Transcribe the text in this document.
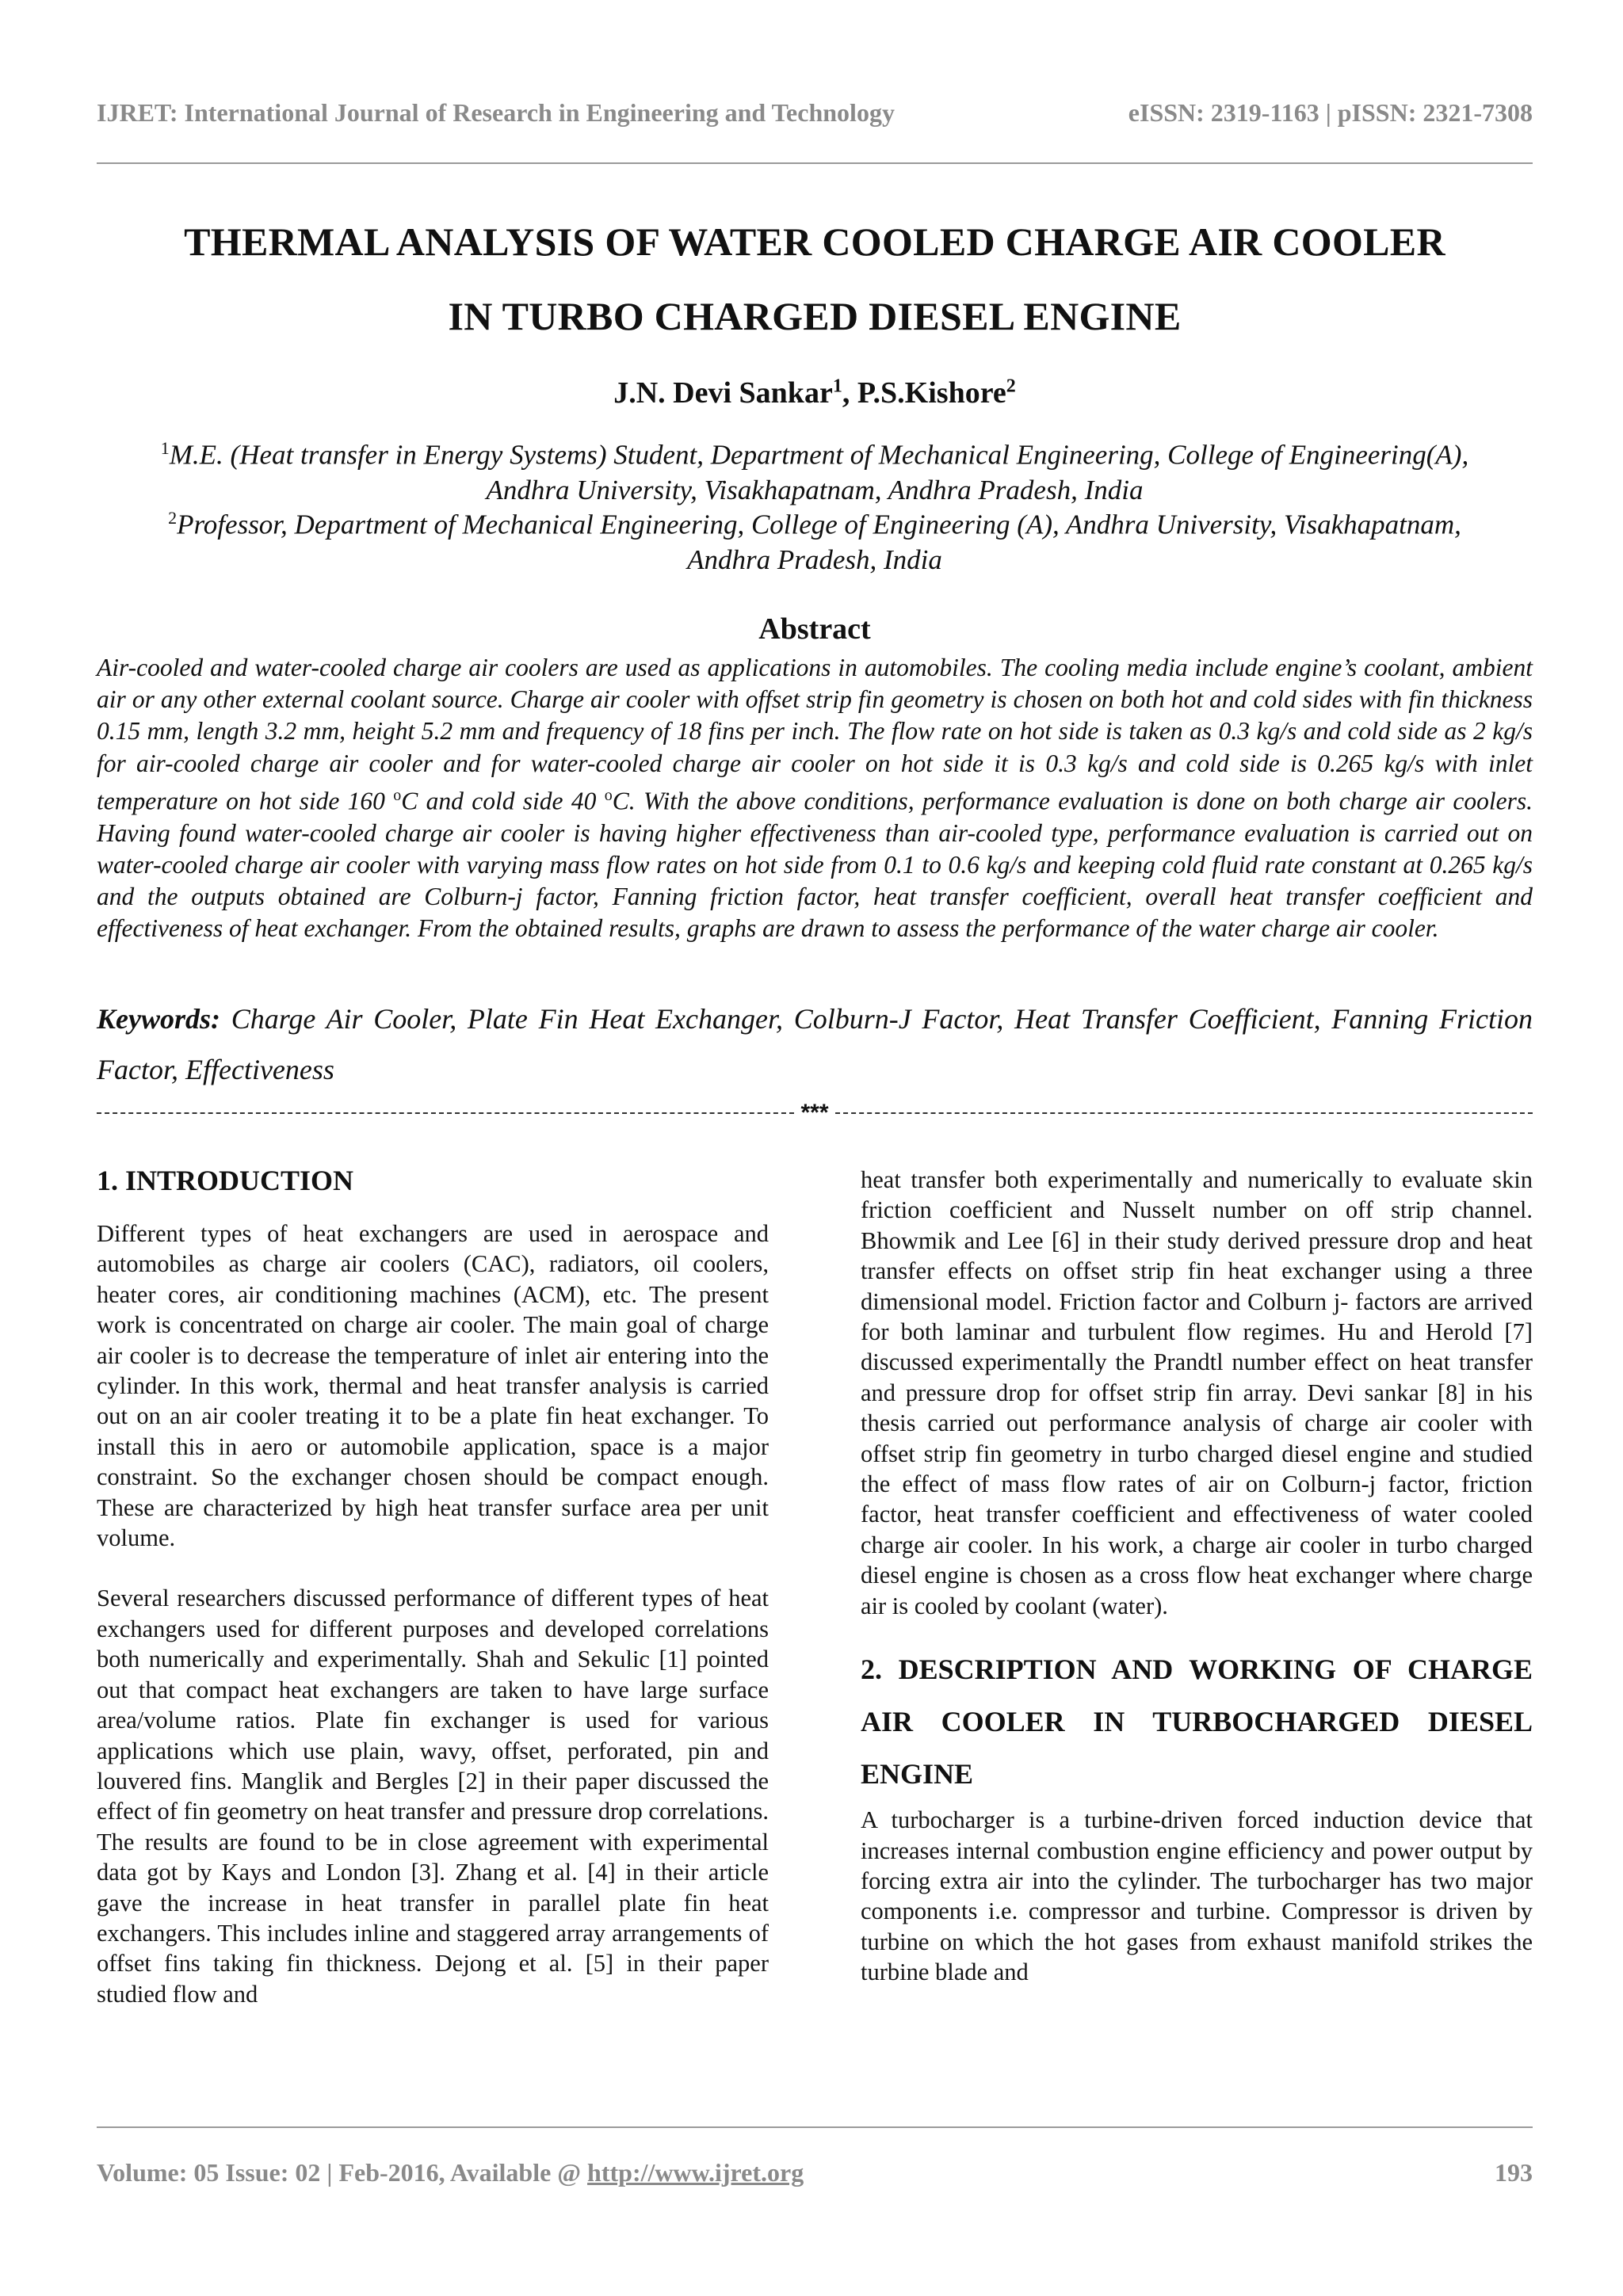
IJRET: International Journal of Research in Engineering and Technology	eISSN: 2319-1163 | pISSN: 2321-7308
THERMAL ANALYSIS OF WATER COOLED CHARGE AIR COOLER
IN TURBO CHARGED DIESEL ENGINE
J.N. Devi Sankar$^1$, P.S.Kishore$^2$
$^1$M.E. (Heat transfer in Energy Systems) Student, Department of Mechanical Engineering, College of Engineering(A),
Andhra University, Visakhapatnam, Andhra Pradesh, India
$^2$Professor, Department of Mechanical Engineering, College of Engineering (A), Andhra University, Visakhapatnam,
Andhra Pradesh, India
Abstract
Air-cooled and water-cooled charge air coolers are used as applications in automobiles. The cooling media include engine’s coolant, ambient air or any other external coolant source. Charge air cooler with offset strip fin geometry is chosen on both hot and cold sides with fin thickness 0.15 mm, length 3.2 mm, height 5.2 mm and frequency of 18 fins per inch. The flow rate on hot side is taken as 0.3 kg/s and cold side as 2 kg/s for air-cooled charge air cooler and for water-cooled charge air cooler on hot side it is 0.3 kg/s and cold side is 0.265 kg/s with inlet temperature on hot side 160 $^o$C and cold side 40 $^o$C. With the above conditions, performance evaluation is done on both charge air coolers. Having found water-cooled charge air cooler is having higher effectiveness than air-cooled type, performance evaluation is carried out on water-cooled charge air cooler with varying mass flow rates on hot side from 0.1 to 0.6 kg/s and keeping cold fluid rate constant at 0.265 kg/s and the outputs obtained are Colburn-j factor, Fanning friction factor, heat transfer coefficient, overall heat transfer coefficient and effectiveness of heat exchanger. From the obtained results, graphs are drawn to assess the performance of the water charge air cooler.
Keywords: Charge Air Cooler, Plate Fin Heat Exchanger, Colburn-J Factor, Heat Transfer Coefficient, Fanning Friction Factor, Effectiveness
***
1. INTRODUCTION

Different types of heat exchangers are used in aerospace and automobiles as charge air coolers (CAC), radiators, oil coolers, heater cores, air conditioning machines (ACM), etc. The present work is concentrated on charge air cooler. The main goal of charge air cooler is to decrease the temperature of inlet air entering into the cylinder. In this work, thermal and heat transfer analysis is carried out on an air cooler treating it to be a plate fin heat exchanger. To install this in aero or automobile application, space is a major constraint. So the exchanger chosen should be compact enough. These are characterized by high heat transfer surface area per unit volume.

Several researchers discussed performance of different types of heat exchangers used for different purposes and developed correlations both numerically and experimentally. Shah and Sekulic [1] pointed out that compact heat exchangers are taken to have large surface area/volume ratios. Plate fin exchanger is used for various applications which use plain, wavy, offset, perforated, pin and louvered fins. Manglik and Bergles [2] in their paper discussed the effect of fin geometry on heat transfer and pressure drop correlations. The results are found to be in close agreement with experimental data got by Kays and London [3]. Zhang et al. [4] in their article gave the increase in heat transfer in parallel plate fin heat exchangers. This includes inline and staggered array arrangements of offset fins taking fin thickness. Dejong et al. [5] in their paper studied flow and

heat transfer both experimentally and numerically to evaluate skin friction coefficient and Nusselt number on off strip channel. Bhowmik and Lee [6] in their study derived pressure drop and heat transfer effects on offset strip fin heat exchanger using a three dimensional model. Friction factor and Colburn j- factors are arrived for both laminar and turbulent flow regimes. Hu and Herold [7] discussed experimentally the Prandtl number effect on heat transfer and pressure drop for offset strip fin array. Devi sankar [8] in his thesis carried out performance analysis of charge air cooler with offset strip fin geometry in turbo charged diesel engine and studied the effect of mass flow rates of air on Colburn-j factor, friction factor, heat transfer coefficient and effectiveness of water cooled charge air cooler. In his work, a charge air cooler in turbo charged diesel engine is chosen as a cross flow heat exchanger where charge air is cooled by coolant (water).

2. DESCRIPTION AND WORKING OF CHARGE AIR COOLER IN TURBOCHARGED DIESEL ENGINE

A turbocharger is a turbine-driven forced induction device that increases internal combustion engine efficiency and power output by forcing extra air into the cylinder. The turbocharger has two major components i.e. compressor and turbine. Compressor is driven by turbine on which the hot gases from exhaust manifold strikes the turbine blade and

Volume: 05 Issue: 02 | Feb-2016, Available @ http://www.ijret.org	193
